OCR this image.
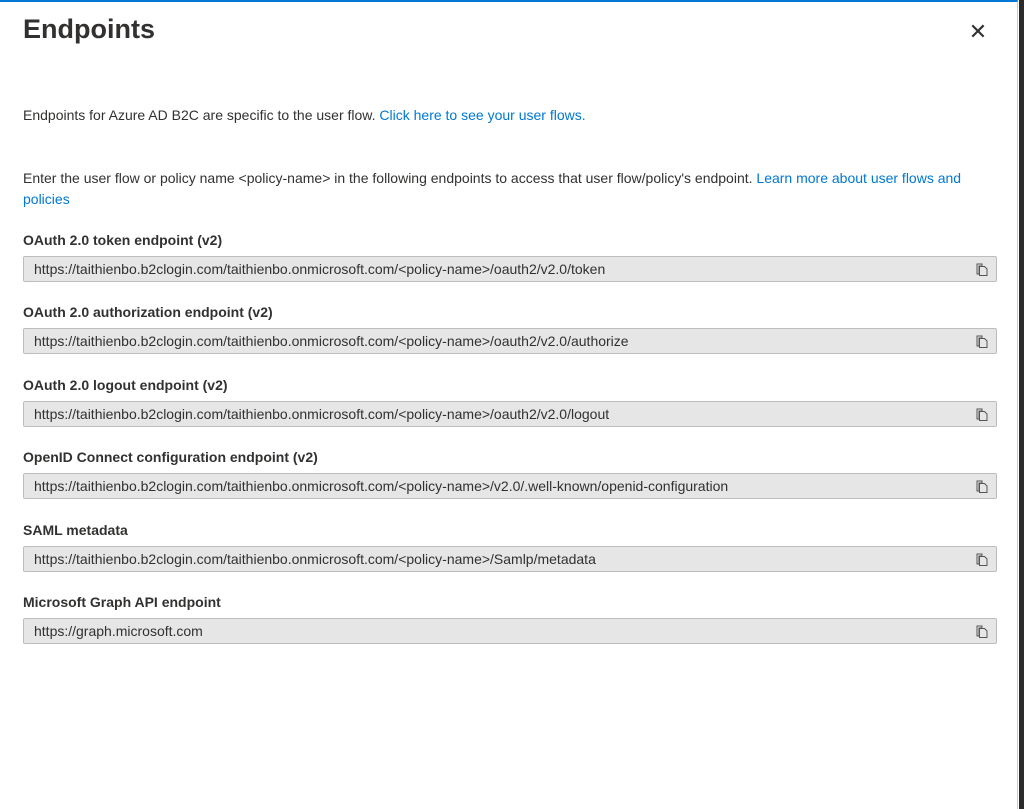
Endpoints	✕
Endpoints for Azure AD B2C are specific to the user flow. Click here to see your user flows.
Enter the user flow or policy name <policy-name> in the following endpoints to access that user flow/policy's endpoint. Learn more about user flows and policies
OAuth 2.0 token endpoint (v2)
https://taithienbo.b2clogin.com/taithienbo.onmicrosoft.com/<policy-name>/oauth2/v2.0/token
OAuth 2.0 authorization endpoint (v2)
https://taithienbo.b2clogin.com/taithienbo.onmicrosoft.com/<policy-name>/oauth2/v2.0/authorize
OAuth 2.0 logout endpoint (v2)
https://taithienbo.b2clogin.com/taithienbo.onmicrosoft.com/<policy-name>/oauth2/v2.0/logout
OpenID Connect configuration endpoint (v2)
https://taithienbo.b2clogin.com/taithienbo.onmicrosoft.com/<policy-name>/v2.0/.well-known/openid-configuration
SAML metadata
https://taithienbo.b2clogin.com/taithienbo.onmicrosoft.com/<policy-name>/Samlp/metadata
Microsoft Graph API endpoint
https://graph.microsoft.com
